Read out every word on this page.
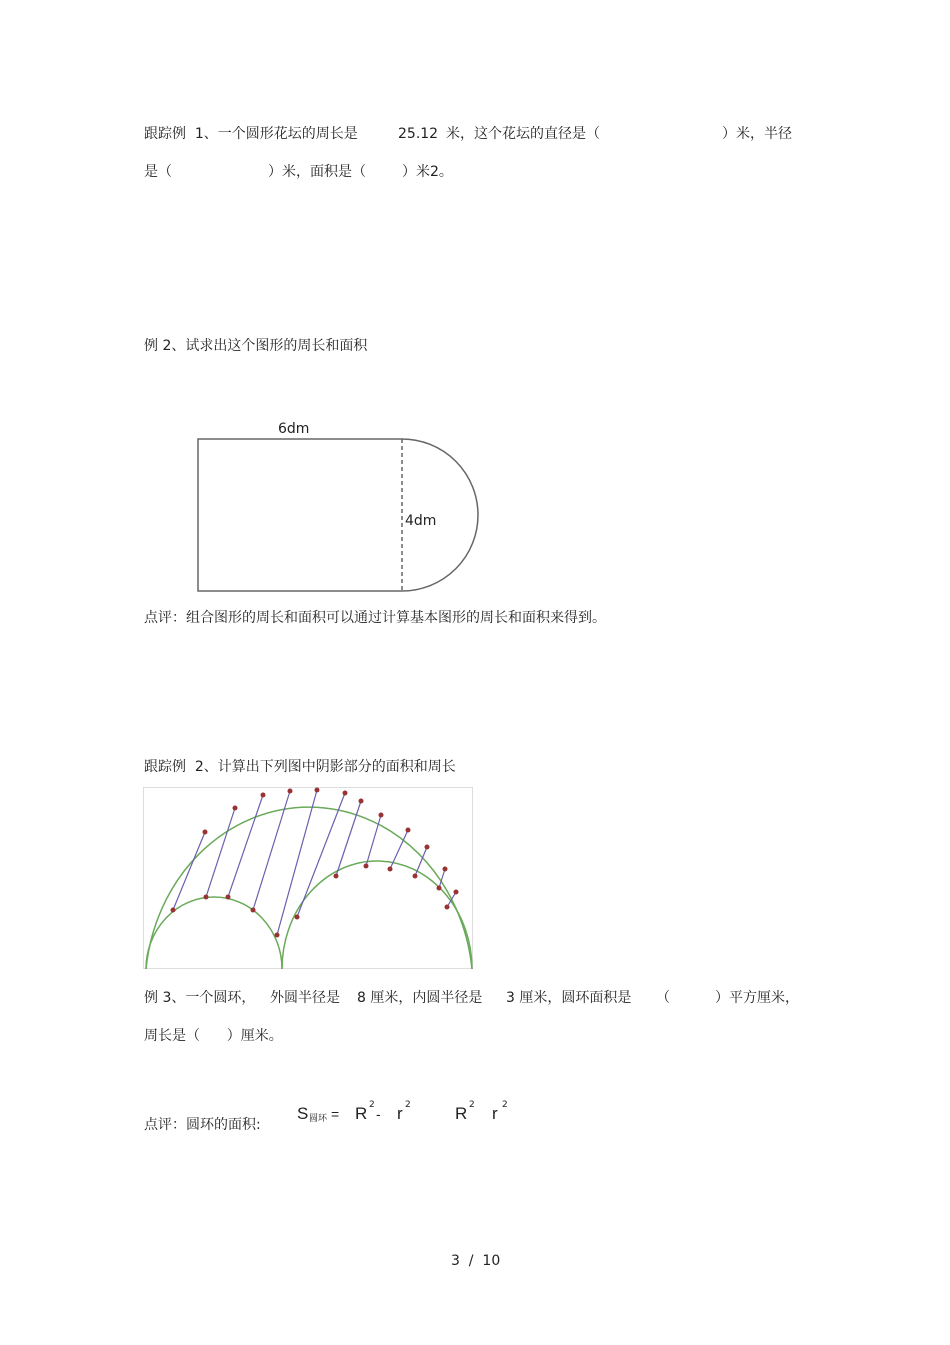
跟踪例  1、一个圆形花坛的周长是	25.12 米，这个花坛的直径是（	）米，半径
是（	）米，面积是（	）米2。
例 2、试求出这个图形的周长和面积
6dm
4dm
点评：组合图形的周长和面积可以通过计算基本图形的周长和面积来得到。
跟踪例  2、计算出下列图中阴影部分的面积和周长
例 3、一个圆环， 外圆半径是 8 厘米，内圆半径是 3 厘米，圆环面积是 （	）平方厘米，
周长是（      ）厘米。
点评：圆环的面积:
S 圆环 = R 2
- r 2	R 2 r 2
3  /  10
